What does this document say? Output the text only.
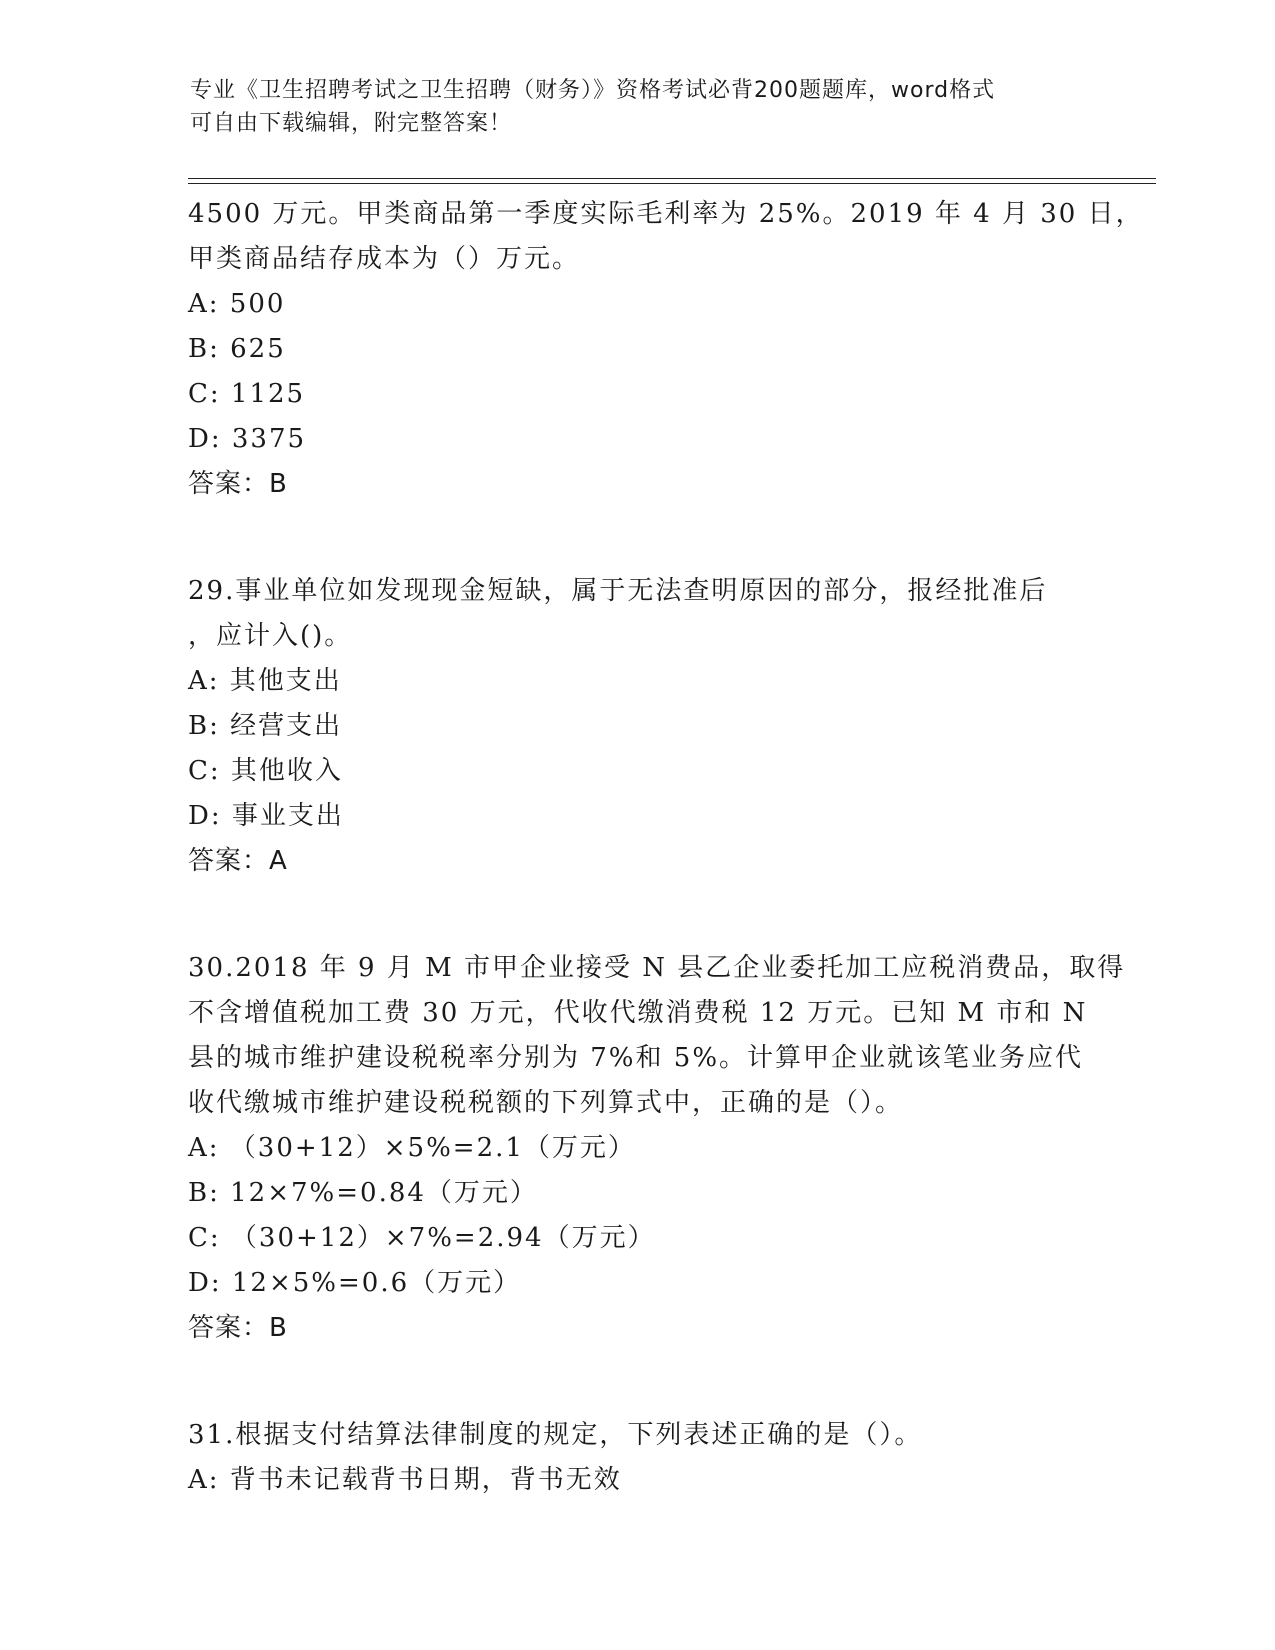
专业《卫生招聘考试之卫生招聘（财务）》资格考试必背200题题库，word格式

可自由下载编辑，附完整答案！

4500 万元。甲类商品第一季度实际毛利率为 25%。2019 年 4 月 30 日，
甲类商品结存成本为（）万元。
A: 500
B: 625
C: 1125
D: 3375
答案：B
29.事业单位如发现现金短缺，属于无法查明原因的部分，报经批准后
，应计入()。
A: 其他支出
B: 经营支出
C: 其他收入
D: 事业支出
答案：A
30.2018 年 9 月 M 市甲企业接受 N 县乙企业委托加工应税消费品，取得
不含增值税加工费 30 万元，代收代缴消费税 12 万元。已知 M 市和 N
县的城市维护建设税税率分别为 7%和 5%。计算甲企业就该笔业务应代
收代缴城市维护建设税税额的下列算式中，正确的是（）。
A: （30+12）×5%=2.1（万元）
B: 12×7%=0.84（万元）
C: （30+12）×7%=2.94（万元）
D: 12×5%=0.6（万元）
答案：B
31.根据支付结算法律制度的规定，下列表述正确的是（）。
A: 背书未记载背书日期，背书无效
